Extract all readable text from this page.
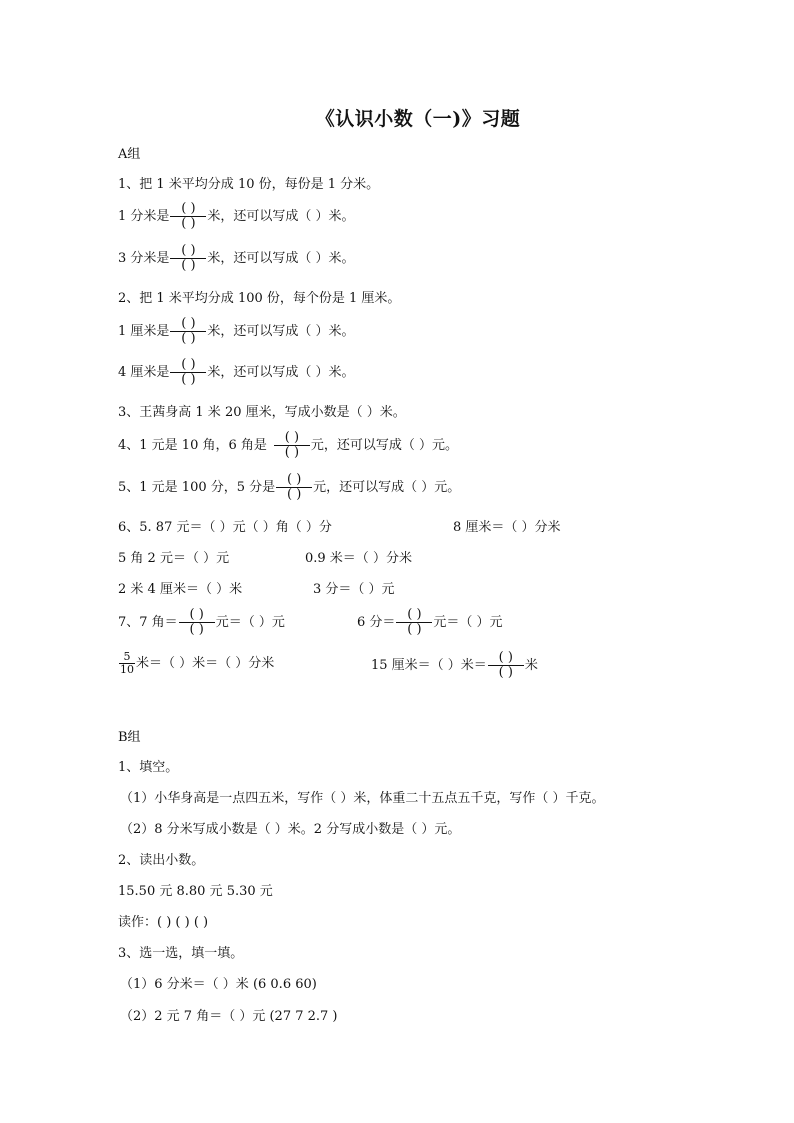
《认识小数（一)》习题
A组
1、把 1 米平均分成 10 份，每份是 1 分米。
1 分米是 $\frac{( )}{( )}$ 米，还可以写成（ ）米。
3 分米是 $\frac{( )}{( )}$ 米，还可以写成（ ）米。
2、把 1 米平均分成 100 份，每个份是 1 厘米。
1 厘米是 $\frac{( )}{( )}$ 米，还可以写成（ ）米。
4 厘米是 $\frac{( )}{( )}$ 米，还可以写成（ ）米。
3、王茜身高 1 米 20 厘米，写成小数是（ ）米。
4、1 元是 10 角，6 角是 $\frac{( )}{( )}$ 元，还可以写成（ ）元。
5、1 元是 100 分，5 分是 $\frac{( )}{( )}$ 元，还可以写成（ ）元。
6、5. 87 元＝（ ）元（ ）角（ ）分	8 厘米＝（ ）分米
5 角 2 元＝（ ）元	0.9 米＝（ ）分米
2 米 4 厘米＝（ ）米	3 分＝（ ）元
7、7 角＝ $\frac{( )}{( )}$ 元＝（ ）元	6 分＝ $\frac{( )}{( )}$ 元＝（ ）元
$\frac{5}{10}$ 米＝（ ）米＝（ ）分米	15 厘米＝（ ）米＝ $\frac{( )}{( )}$ 米
B组
1、填空。
（1）小华身高是一点四五米，写作（ ）米，体重二十五点五千克，写作（ ）千克。
（2）8 分米写成小数是（ ）米。2 分写成小数是（ ）元。
2、读出小数。
15.50 元 8.80 元 5.30 元
读作：( ) ( ) ( )
3、选一选，填一填。
（1）6 分米＝（ ）米 (6 0.6 60)
（2）2 元 7 角＝（ ）元 (27 7 2.7 )
